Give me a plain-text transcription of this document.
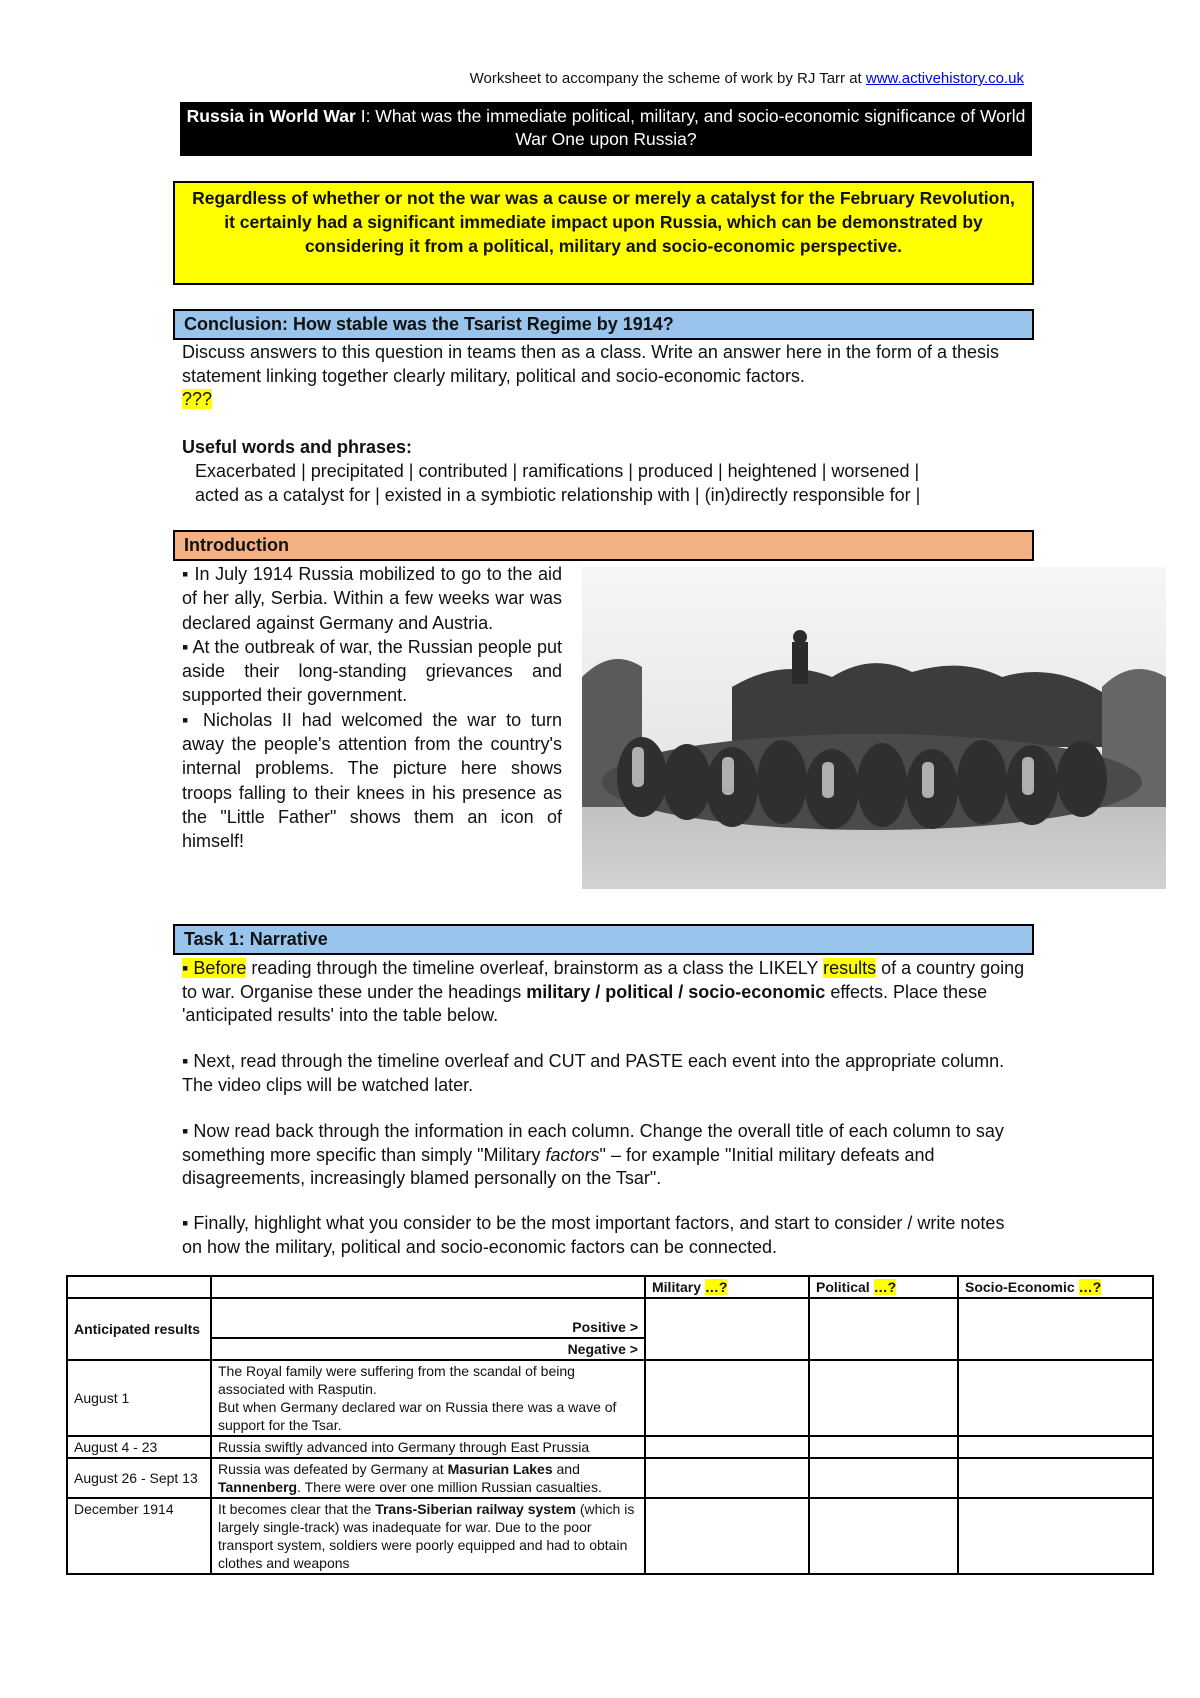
Worksheet to accompany the scheme of work by RJ Tarr at www.activehistory.co.uk
Russia in World War I: What was the immediate political, military, and socio-economic significance of World War One upon Russia?
Regardless of whether or not the war was a cause or merely a catalyst for the February Revolution, it certainly had a significant immediate impact upon Russia, which can be demonstrated by considering it from a political, military and socio-economic perspective.
Conclusion: How stable was the Tsarist Regime by 1914?
Discuss answers to this question in teams then as a class. Write an answer here in the form of a thesis statement linking together clearly military, political and socio-economic factors.
???
Useful words and phrases:
Exacerbated | precipitated | contributed | ramifications | produced | heightened | worsened |
acted as a catalyst for | existed in a symbiotic relationship with | (in)directly responsible for |
Introduction
▪ In July 1914 Russia mobilized to go to the aid of her ally, Serbia. Within a few weeks war was declared against Germany and Austria.
▪ At the outbreak of war, the Russian people put aside their long-standing grievances and supported their government.
▪ Nicholas II had welcomed the war to turn away the people's attention from the country's internal problems. The picture here shows troops falling to their knees in his presence as the "Little Father" shows them an icon of himself!
Task 1: Narrative
▪ Before reading through the timeline overleaf, brainstorm as a class the LIKELY results of a country going to war. Organise these under the headings military / political / socio-economic effects. Place these 'anticipated results' into the table below.
▪ Next, read through the timeline overleaf and CUT and PASTE each event into the appropriate column. The video clips will be watched later.
▪ Now read back through the information in each column. Change the overall title of each column to say something more specific than simply "Military factors" – for example "Initial military defeats and disagreements, increasingly blamed personally on the Tsar".
▪ Finally, highlight what you consider to be the most important factors, and start to consider / write notes on how the military, political and socio-economic factors can be connected.
		Military …?	Political …?	Socio-Economic …?
Anticipated results	Positive >			
	Negative >			
August 1	The Royal family were suffering from the scandal of being associated with Rasputin.
But when Germany declared war on Russia there was a wave of support for the Tsar.			
August 4 - 23	Russia swiftly advanced into Germany through East Prussia			
August 26 - Sept 13	Russia was defeated by Germany at Masurian Lakes and Tannenberg. There were over one million Russian casualties.			
December 1914	It becomes clear that the Trans-Siberian railway system (which is largely single-track) was inadequate for war. Due to the poor transport system, soldiers were poorly equipped and had to obtain clothes and weapons			
